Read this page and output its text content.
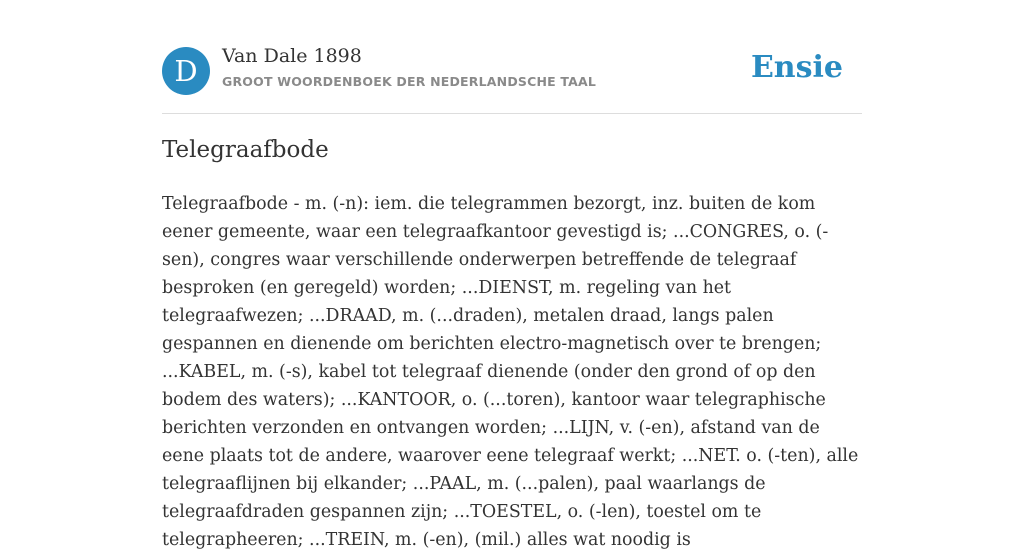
D	Van Dale 1898
GROOT WOORDENBOEK DER NEDERLANDSCHE TAAL	Ensie
Telegraafbode

Telegraafbode - m. (-n): iem. die telegrammen bezorgt, inz. buiten de kom eener gemeente, waar een telegraafkantoor gevestigd is; ...CONGRES, o. (-sen), congres waar verschillende onderwerpen betreffende de telegraaf besproken (en geregeld) worden; ...DIENST, m. regeling van het telegraafwezen; ...DRAAD, m. (...draden), metalen draad, langs palen gespannen en dienende om berichten electro-magnetisch over te brengen; ...KABEL, m. (-s), kabel tot telegraaf dienende (onder den grond of op den bodem des waters); ...KANTOOR, o. (...toren), kantoor waar telegraphische berichten verzonden en ontvangen worden; ...LIJN, v. (-en), afstand van de eene plaats tot de andere, waarover eene telegraaf werkt; ...NET. o. (-ten), alle telegraaflijnen bij elkander; ...PAAL, m. (...palen), paal waarlangs de telegraafdraden gespannen zijn; ...TOESTEL, o. (-len), toestel om te telegrapheeren; ...TREIN, m. (-en), (mil.) alles wat noodig is
